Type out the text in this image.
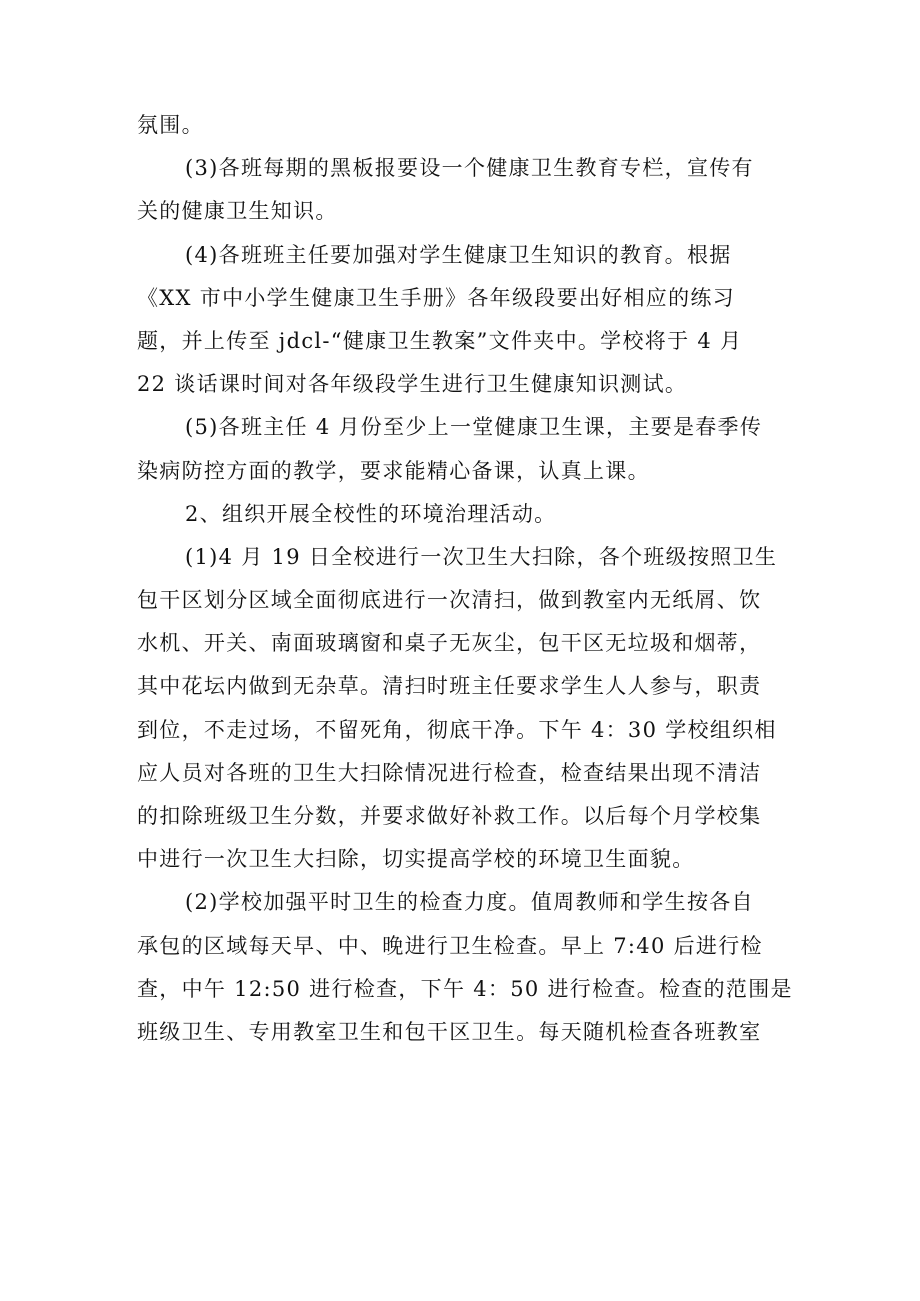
氛围。
(3)各班每期的黑板报要设一个健康卫生教育专栏，宣传有
关的健康卫生知识。
(4)各班班主任要加强对学生健康卫生知识的教育。根据
《XX 市中小学生健康卫生手册》各年级段要出好相应的练习
题，并上传至 jdcl-“健康卫生教案”文件夹中。学校将于 4 月
22 谈话课时间对各年级段学生进行卫生健康知识测试。
(5)各班主任 4 月份至少上一堂健康卫生课，主要是春季传
染病防控方面的教学，要求能精心备课，认真上课。
2、组织开展全校性的环境治理活动。
(1)4 月 19 日全校进行一次卫生大扫除，各个班级按照卫生
包干区划分区域全面彻底进行一次清扫，做到教室内无纸屑、饮
水机、开关、南面玻璃窗和桌子无灰尘，包干区无垃圾和烟蒂，
其中花坛内做到无杂草。清扫时班主任要求学生人人参与，职责
到位，不走过场，不留死角，彻底干净。下午 4：30 学校组织相
应人员对各班的卫生大扫除情况进行检查，检查结果出现不清洁
的扣除班级卫生分数，并要求做好补救工作。以后每个月学校集
中进行一次卫生大扫除，切实提高学校的环境卫生面貌。
(2)学校加强平时卫生的检查力度。值周教师和学生按各自
承包的区域每天早、中、晚进行卫生检查。早上 7:40 后进行检
查，中午 12:50 进行检查，下午 4：50 进行检查。检查的范围是
班级卫生、专用教室卫生和包干区卫生。每天随机检查各班教室
